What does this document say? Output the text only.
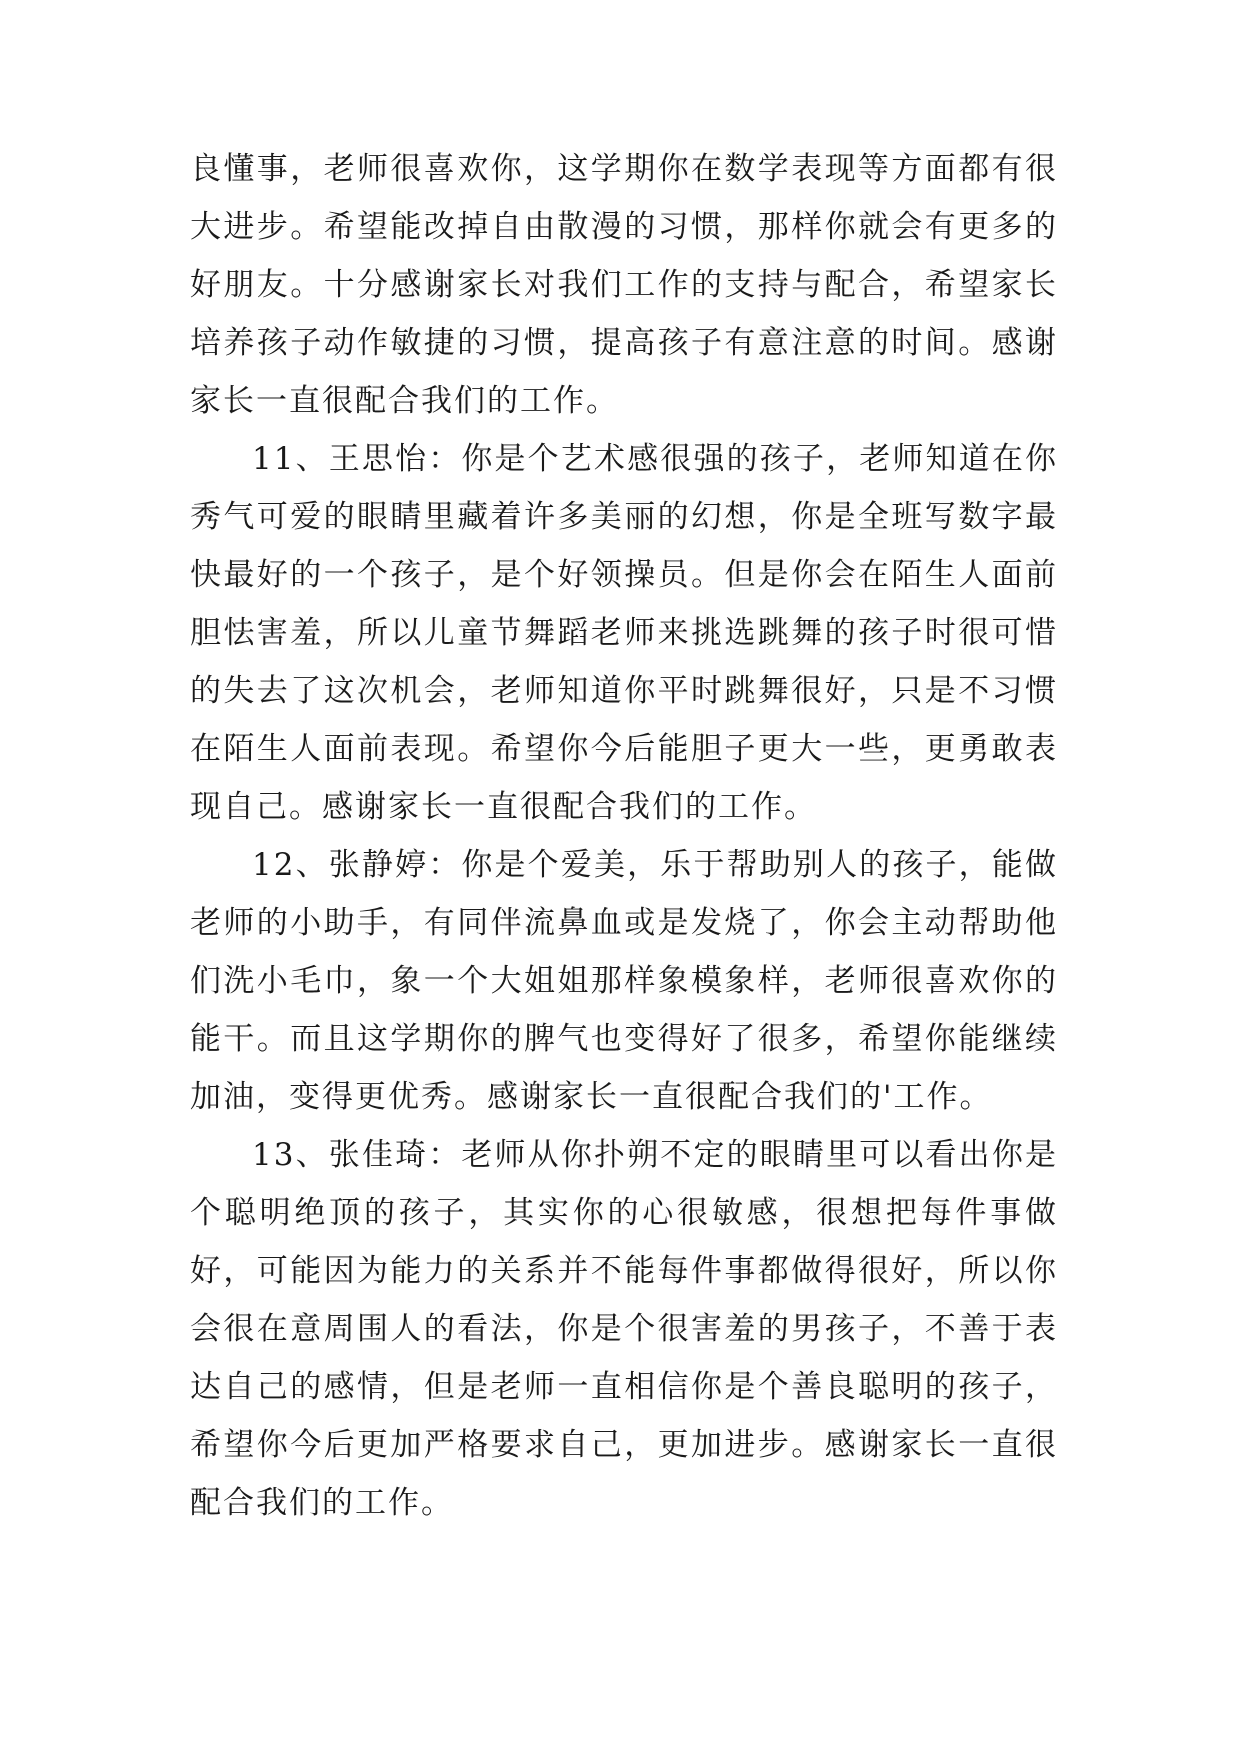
良懂事，老师很喜欢你，这学期你在数学表现等方面都有很大进步。希望能改掉自由散漫的习惯，那样你就会有更多的好朋友。十分感谢家长对我们工作的支持与配合，希望家长培养孩子动作敏捷的习惯，提高孩子有意注意的时间。感谢家长一直很配合我们的工作。

11、王思怡：你是个艺术感很强的孩子，老师知道在你秀气可爱的眼睛里藏着许多美丽的幻想，你是全班写数字最快最好的一个孩子，是个好领操员。但是你会在陌生人面前胆怯害羞，所以儿童节舞蹈老师来挑选跳舞的孩子时很可惜的失去了这次机会，老师知道你平时跳舞很好，只是不习惯在陌生人面前表现。希望你今后能胆子更大一些，更勇敢表现自己。感谢家长一直很配合我们的工作。

12、张静婷：你是个爱美，乐于帮助别人的孩子，能做老师的小助手，有同伴流鼻血或是发烧了，你会主动帮助他们洗小毛巾，象一个大姐姐那样象模象样，老师很喜欢你的能干。而且这学期你的脾气也变得好了很多，希望你能继续加油，变得更优秀。感谢家长一直很配合我们的'工作。

13、张佳琦：老师从你扑朔不定的眼睛里可以看出你是个聪明绝顶的孩子，其实你的心很敏感，很想把每件事做好，可能因为能力的关系并不能每件事都做得很好，所以你会很在意周围人的看法，你是个很害羞的男孩子，不善于表达自己的感情，但是老师一直相信你是个善良聪明的孩子，希望你今后更加严格要求自己，更加进步。感谢家长一直很配合我们的工作。
